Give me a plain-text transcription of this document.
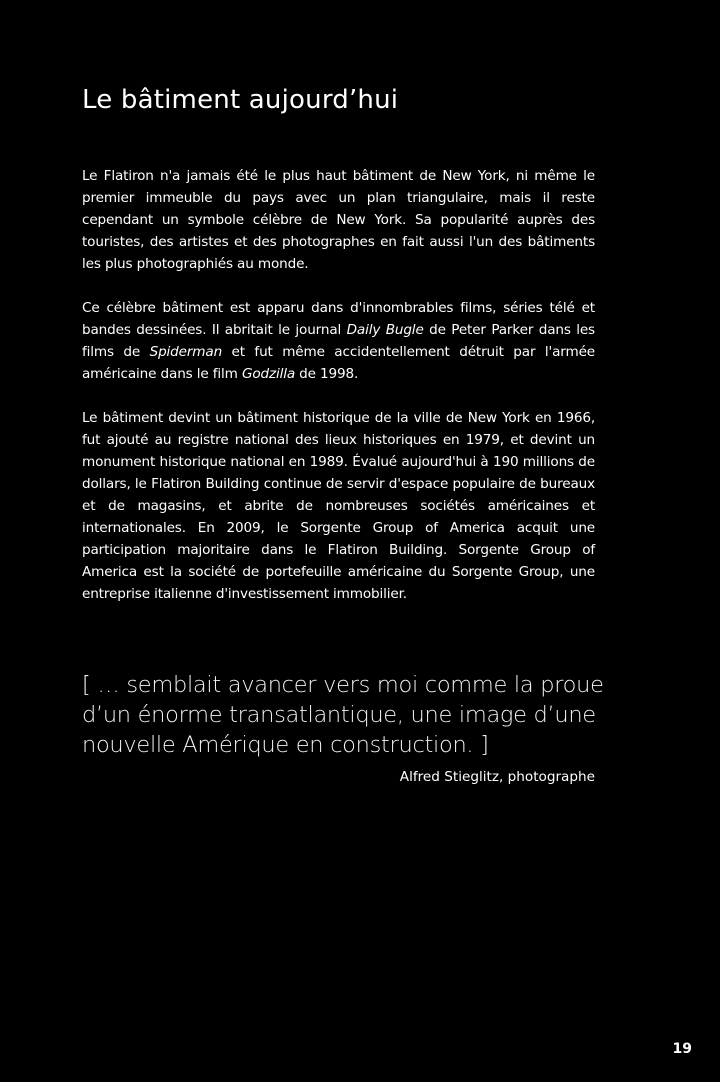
Le bâtiment aujourd’hui

Le Flatiron n'a jamais été le plus haut bâtiment de New York, ni même le premier immeuble du pays avec un plan triangulaire, mais il reste cependant un symbole célèbre de New York. Sa popularité auprès des touristes, des artistes et des photographes en fait aussi l'un des bâtiments les plus photographiés au monde.

Ce célèbre bâtiment est apparu dans d'innombrables films, séries télé et bandes dessinées. Il abritait le journal Daily Bugle de Peter Parker dans les films de Spiderman et fut même accidentellement détruit par l'armée américaine dans le film Godzilla de 1998.

Le bâtiment devint un bâtiment historique de la ville de New York en 1966, fut ajouté au registre national des lieux historiques en 1979, et devint un monument historique national en 1989. Évalué aujourd'hui à 190 millions de dollars, le Flatiron Building continue de servir d'espace populaire de bureaux et de magasins, et abrite de nombreuses sociétés américaines et internationales. En 2009, le Sorgente Group of America acquit une participation majoritaire dans le Flatiron Building. Sorgente Group of America est la société de portefeuille américaine du Sorgente Group, une entreprise italienne d'investissement immobilier.

[ … semblait avancer vers moi comme la proue d’un énorme transatlantique, une image d’une nouvelle Amérique en construction. ]

Alfred Stieglitz, photographe

19
